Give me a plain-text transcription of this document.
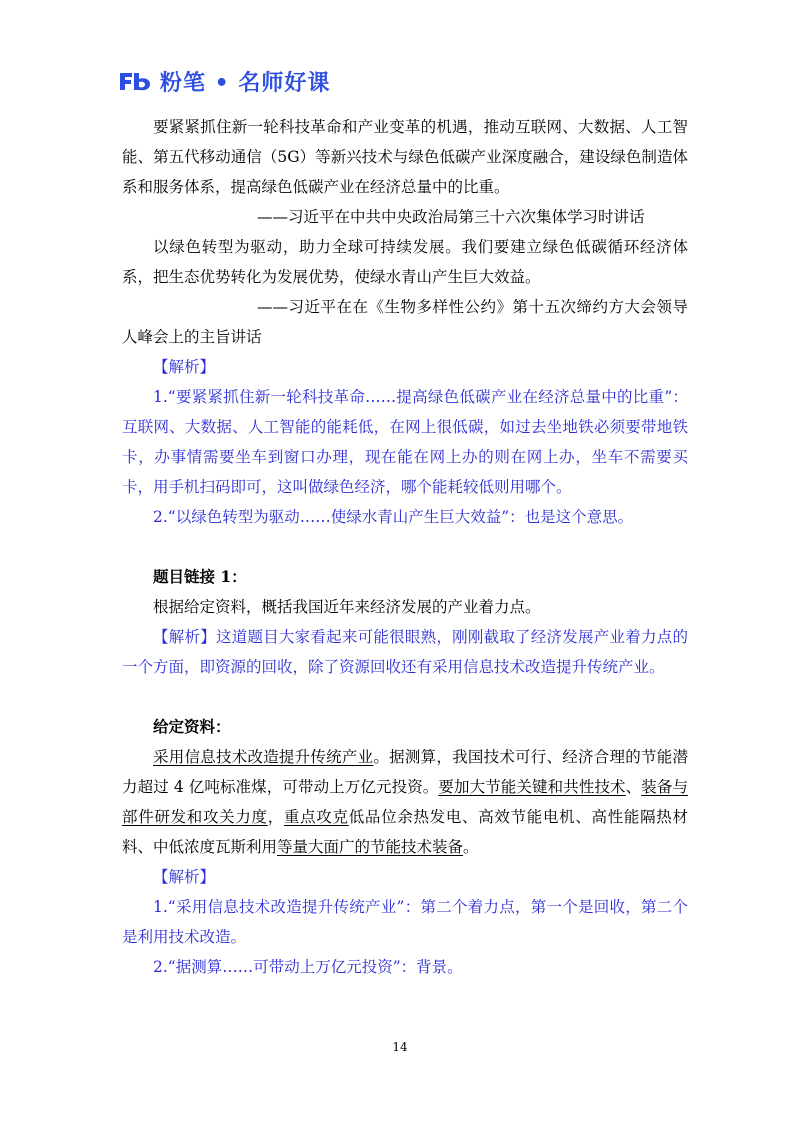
粉笔 • 名师好课

要紧紧抓住新一轮科技革命和产业变革的机遇，推动互联网、大数据、人工智能、第五代移动通信（5G）等新兴技术与绿色低碳产业深度融合，建设绿色制造体系和服务体系，提高绿色低碳产业在经济总量中的比重。

——习近平在中共中央政治局第三十六次集体学习时讲话

以绿色转型为驱动，助力全球可持续发展。我们要建立绿色低碳循环经济体系，把生态优势转化为发展优势，使绿水青山产生巨大效益。

——习近平在在《生物多样性公约》第十五次缔约方大会领导人峰会上的主旨讲话

【解析】

1.“要紧紧抓住新一轮科技革命……提高绿色低碳产业在经济总量中的比重”：互联网、大数据、人工智能的能耗低，在网上很低碳，如过去坐地铁必须要带地铁卡，办事情需要坐车到窗口办理，现在能在网上办的则在网上办，坐车不需要买卡，用手机扫码即可，这叫做绿色经济，哪个能耗较低则用哪个。

2.“以绿色转型为驱动……使绿水青山产生巨大效益”：也是这个意思。

题目链接 1：

根据给定资料，概括我国近年来经济发展的产业着力点。

【解析】这道题目大家看起来可能很眼熟，刚刚截取了经济发展产业着力点的一个方面，即资源的回收，除了资源回收还有采用信息技术改造提升传统产业。

给定资料：

采用信息技术改造提升传统产业。据测算，我国技术可行、经济合理的节能潜力超过 4 亿吨标准煤，可带动上万亿元投资。要加大节能关键和共性技术、装备与部件研发和攻关力度，重点攻克低品位余热发电、高效节能电机、高性能隔热材料、中低浓度瓦斯利用等量大面广的节能技术装备。

【解析】

1.“采用信息技术改造提升传统产业”：第二个着力点，第一个是回收，第二个是利用技术改造。

2.“据测算……可带动上万亿元投资”：背景。

14
